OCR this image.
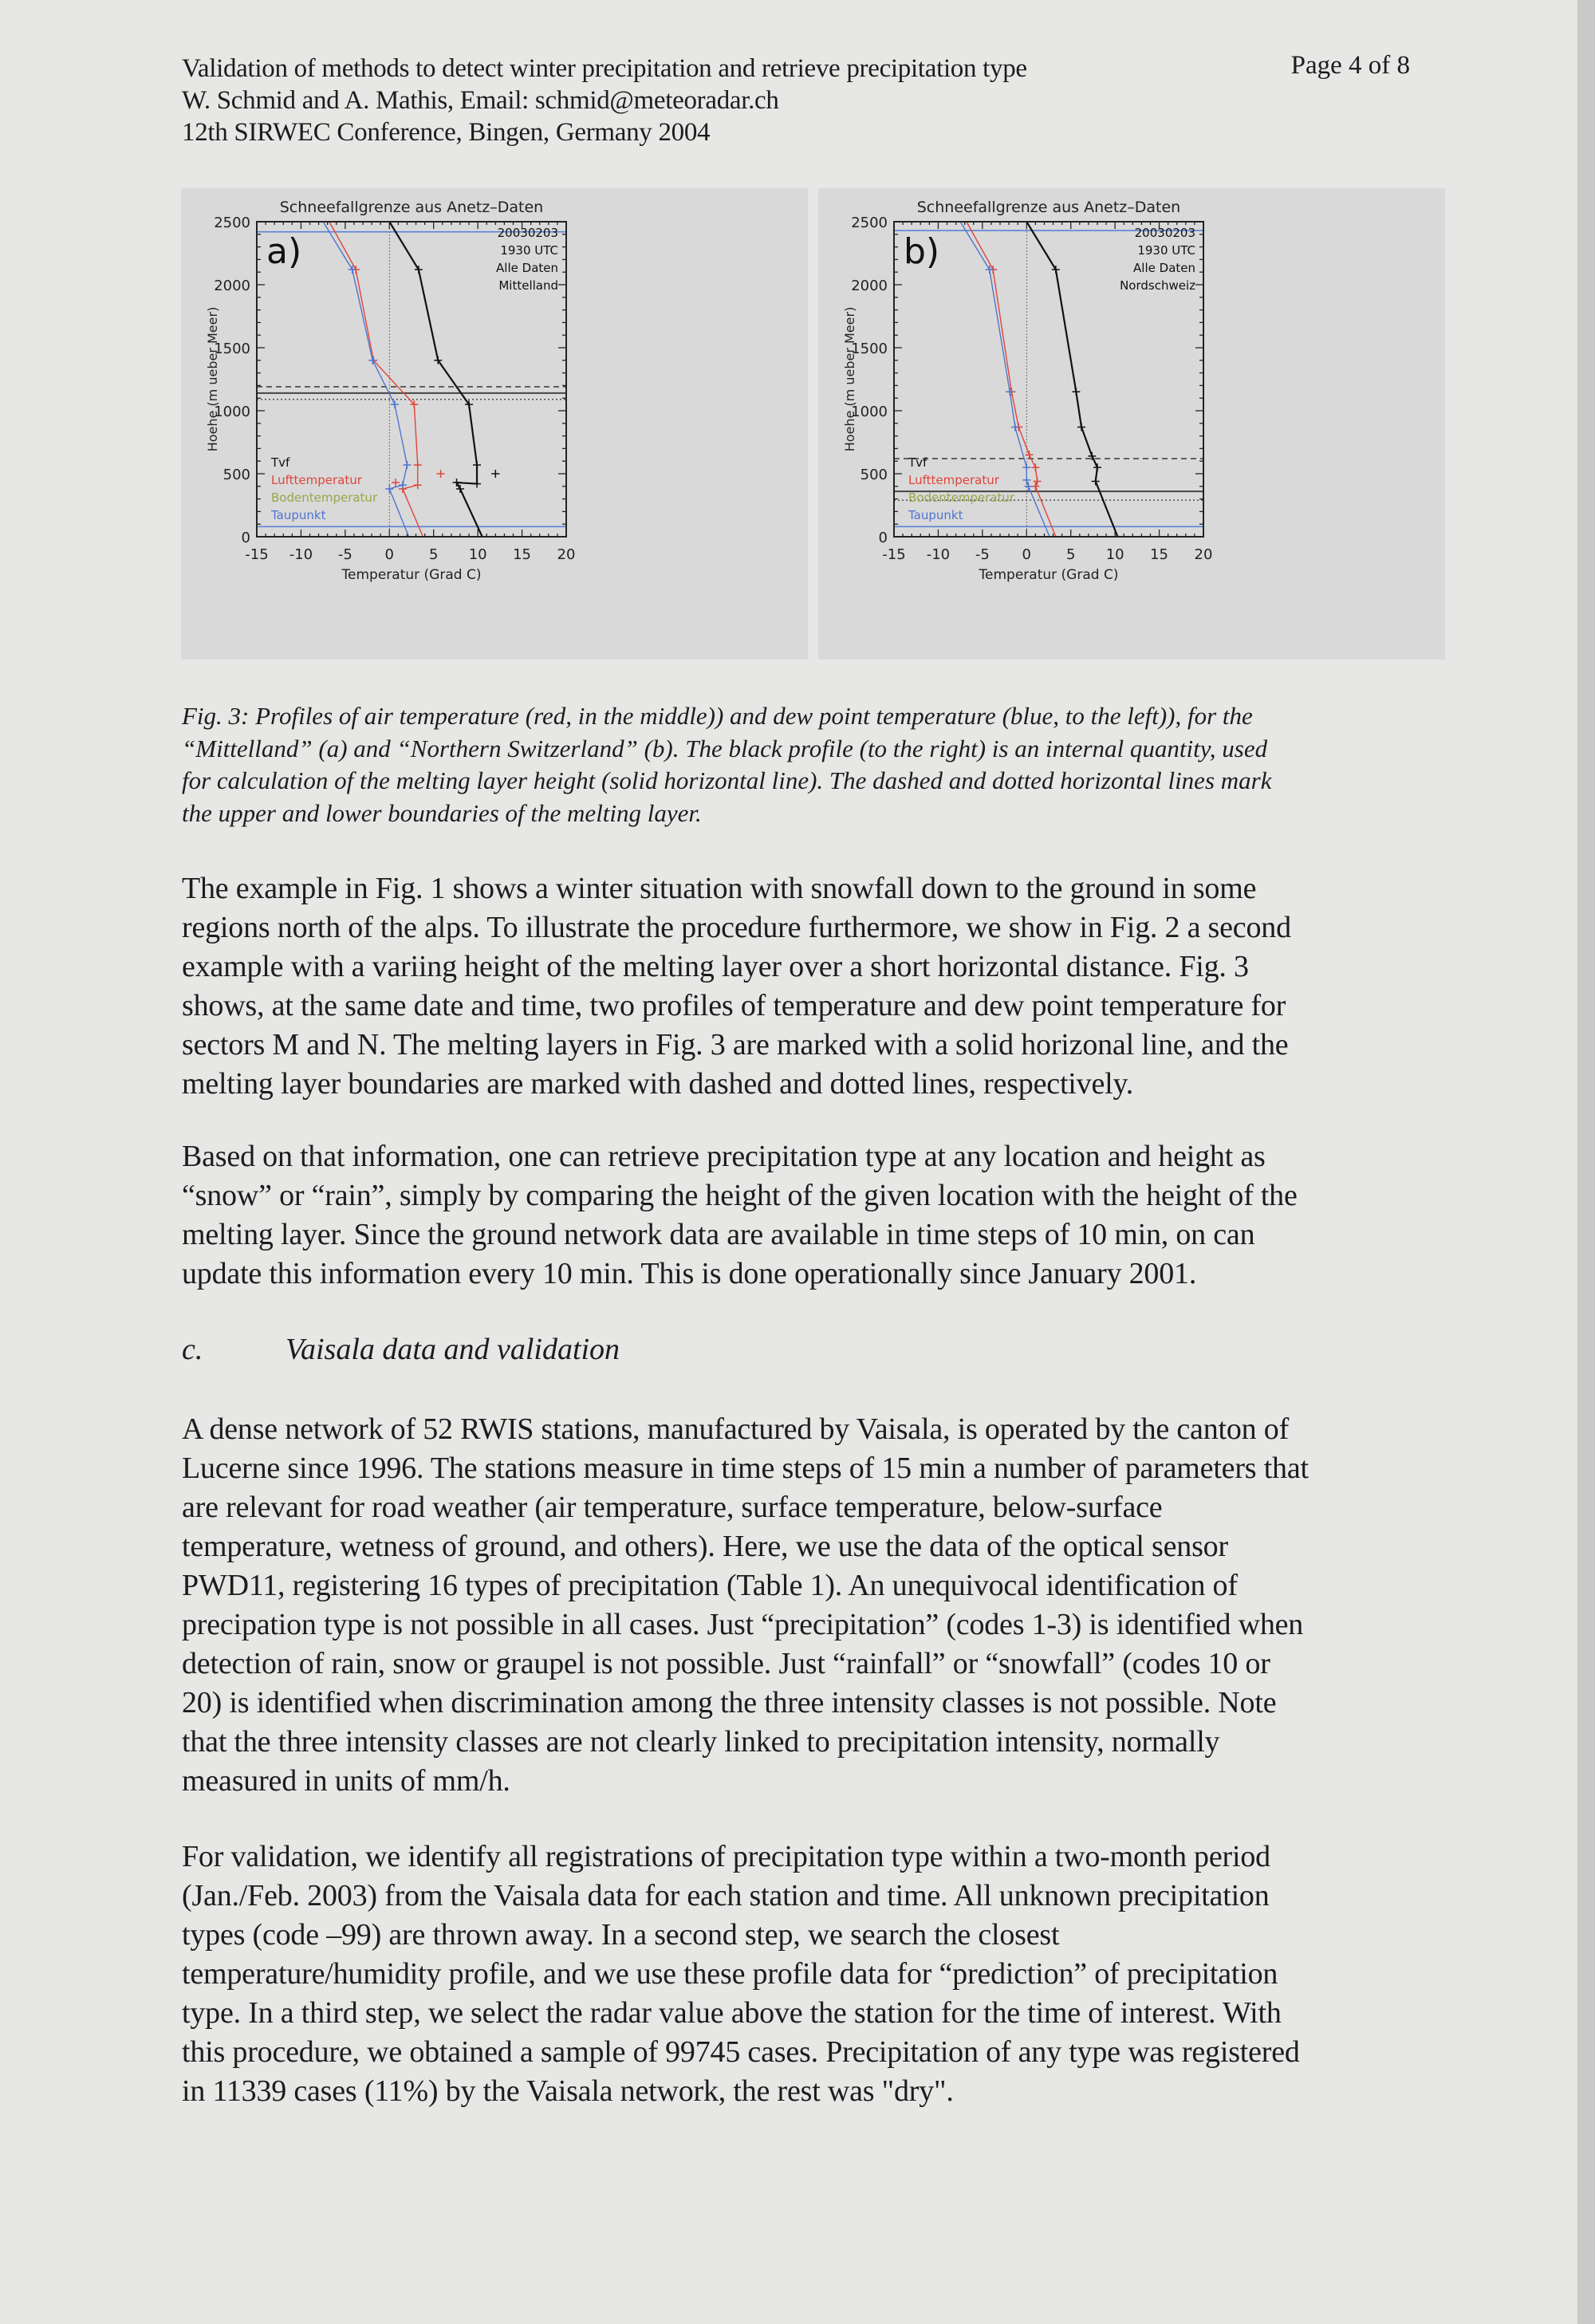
Validation of methods to detect winter precipitation and retrieve precipitation type
W. Schmid and A. Mathis, Email: schmid@meteoradar.ch
12th SIRWEC Conference, Bingen, Germany 2004
Page 4 of 8
Schneefallgrenze aus Anetz–Daten
-15 -10 -5 0 5 10 15 20
0
500
1000
1500
2000
2500
Temperatur (Grad C)
Hoehe (m ueber Meer)
a)	20030203
1930 UTC
Alle Daten
Mittelland
Tvf
Lufttemperatur
Bodentemperatur
Taupunkt
Schneefallgrenze aus Anetz–Daten
-15 -10 -5 0 5 10 15 20
0
500
1000
1500
2000
2500
Temperatur (Grad C)
Hoehe (m ueber Meer)
b)	20030203
1930 UTC
Alle Daten
Nordschweiz
Tvf
Lufttemperatur
Bodentemperatur
Taupunkt
Fig. 3: Profiles of air temperature (red, in the middle)) and dew point temperature (blue, to the left)), for the
“Mittelland” (a) and “Northern Switzerland” (b). The black profile (to the right) is an internal quantity, used
for calculation of the melting layer height (solid horizontal line). The dashed and dotted horizontal lines mark
the upper and lower boundaries of the melting layer.
The example in Fig. 1 shows a winter situation with snowfall down to the ground in some
regions north of the alps. To illustrate the procedure furthermore, we show in Fig. 2 a second
example with a variing height of the melting layer over a short horizontal distance. Fig. 3
shows, at the same date and time, two profiles of temperature and dew point temperature for
sectors M and N. The melting layers in Fig. 3 are marked with a solid horizonal line, and the
melting layer boundaries are marked with dashed and dotted lines, respectively.
Based on that information, one can retrieve precipitation type at any location and height as
“snow” or “rain”, simply by comparing the height of the given location with the height of the
melting layer. Since the ground network data are available in time steps of 10 min, on can
update this information every 10 min. This is done operationally since January 2001.
c.	Vaisala data and validation
A dense network of 52 RWIS stations, manufactured by Vaisala, is operated by the canton of
Lucerne since 1996. The stations measure in time steps of 15 min a number of parameters that
are relevant for road weather (air temperature, surface temperature, below-surface
temperature, wetness of ground, and others). Here, we use the data of the optical sensor
PWD11, registering 16 types of precipitation (Table 1). An unequivocal identification of
precipation type is not possible in all cases. Just “precipitation” (codes 1-3) is identified when
detection of rain, snow or graupel is not possible. Just “rainfall” or “snowfall” (codes 10 or
20) is identified when discrimination among the three intensity classes is not possible. Note
that the three intensity classes are not clearly linked to precipitation intensity, normally
measured in units of mm/h.
For validation, we identify all registrations of precipitation type within a two-month period
(Jan./Feb. 2003) from the Vaisala data for each station and time. All unknown precipitation
types (code –99) are thrown away. In a second step, we search the closest
temperature/humidity profile, and we use these profile data for “prediction” of precipitation
type. In a third step, we select the radar value above the station for the time of interest. With
this procedure, we obtained a sample of 99745 cases. Precipitation of any type was registered
in 11339 cases (11%) by the Vaisala network, the rest was "dry".
